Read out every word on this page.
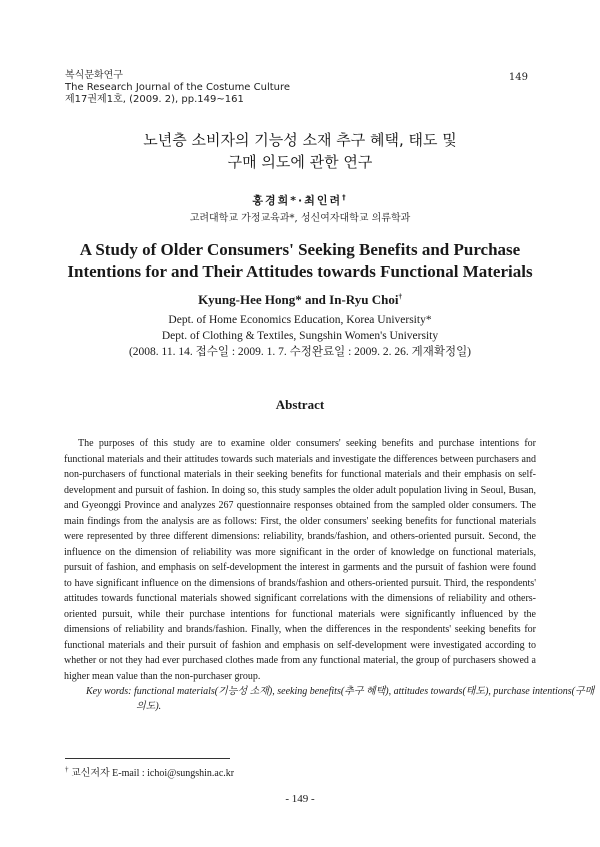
복식문화연구
The Research Journal of the Costume Culture
제17권제1호, (2009. 2), pp.149~161
149
노년층 소비자의 기능성 소재 추구 혜택, 태도 및
구매 의도에 관한 연구
홍경희*·최인려†
고려대학교 가정교육과*, 성신여자대학교 의류학과
A Study of Older Consumers' Seeking Benefits and Purchase
Intentions for and Their Attitudes towards Functional Materials
Kyung-Hee Hong* and In-Ryu Choi†
Dept. of Home Economics Education, Korea University*
Dept. of Clothing & Textiles, Sungshin Women's University
(2008. 11. 14. 접수일 : 2009. 1. 7. 수정완료일 : 2009. 2. 26. 게재확정일)
Abstract
The purposes of this study are to examine older consumers' seeking benefits and purchase intentions for functional materials and their attitudes towards such materials and investigate the differences between purchasers and non-purchasers of functional materials in their seeking benefits for functional materials and their emphasis on self-development and pursuit of fashion. In doing so, this study samples the older adult population living in Seoul, Busan, and Gyeonggi Province and analyzes 267 questionnaire responses obtained from the sampled older consumers. The main findings from the analysis are as follows: First, the older consumers' seeking benefits for functional materials were represented by three different dimensions: reliability, brands/fashion, and others-oriented pursuit. Second, the influence on the dimension of reliability was more significant in the order of knowledge on functional materials, pursuit of fashion, and emphasis on self-development the interest in garments and the pursuit of fashion were found to have significant influence on the dimensions of brands/fashion and others-oriented pursuit. Third, the respondents' attitudes towards functional materials showed significant correlations with the dimensions of reliability and others-oriented pursuit, while their purchase intentions for functional materials were significantly influenced by the dimensions of reliability and brands/fashion. Finally, when the differences in the respondents' seeking benefits for functional materials and their pursuit of fashion and emphasis on self-development were investigated according to whether or not they had ever purchased clothes made from any functional material, the group of purchasers showed a higher mean value than the non-purchaser group.
Key words: functional materials(기능성 소재), seeking benefits(추구 혜택), attitudes towards(태도), purchase intentions(구매 의도).
† 교신저자 E-mail : ichoi@sungshin.ac.kr
- 149 -
